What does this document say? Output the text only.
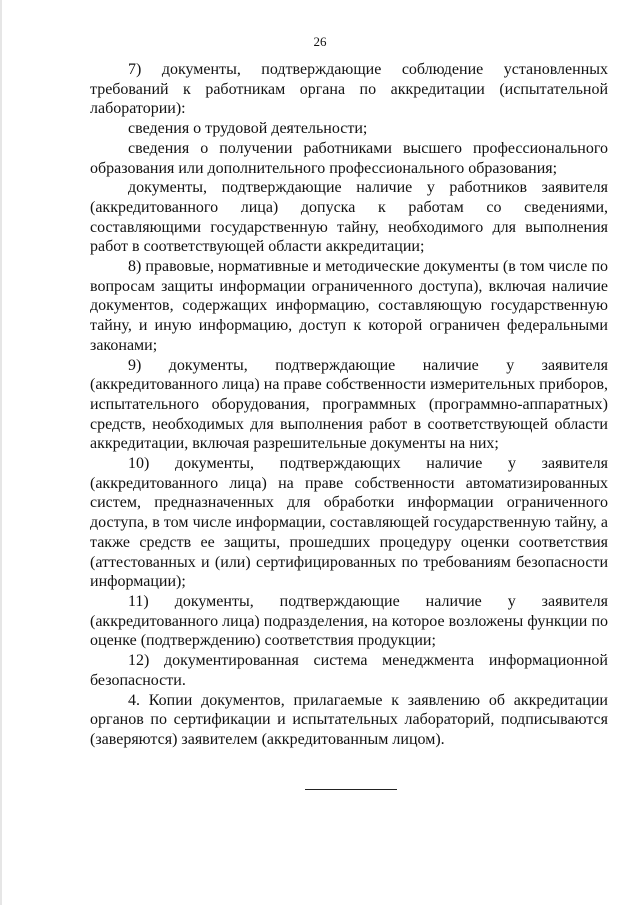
26

7) документы, подтверждающие соблюдение установленных требований к работникам органа по аккредитации (испытательной лаборатории):

сведения о трудовой деятельности;

сведения о получении работниками высшего профессионального образования или дополнительного профессионального образования;

документы, подтверждающие наличие у работников заявителя (аккредитованного лица) допуска к работам со сведениями, составляющими государственную тайну, необходимого для выполнения работ в соответствующей области аккредитации;

8) правовые, нормативные и методические документы (в том числе по вопросам защиты информации ограниченного доступа), включая наличие документов, содержащих информацию, составляющую государственную тайну, и иную информацию, доступ к которой ограничен федеральными законами;

9) документы, подтверждающие наличие у заявителя (аккредитованного лица) на праве собственности измерительных приборов, испытательного оборудования, программных (программно-аппаратных) средств, необходимых для выполнения работ в соответствующей области аккредитации, включая разрешительные документы на них;

10) документы, подтверждающих наличие у заявителя (аккредитованного лица) на праве собственности автоматизированных систем, предназначенных для обработки информации ограниченного доступа, в том числе информации, составляющей государственную тайну, а также средств ее защиты, прошедших процедуру оценки соответствия (аттестованных и (или) сертифицированных по требованиям безопасности информации);

11) документы, подтверждающие наличие у заявителя (аккредитованного лица) подразделения, на которое возложены функции по оценке (подтверждению) соответствия продукции;

12) документированная система менеджмента информационной безопасности.

4. Копии документов, прилагаемые к заявлению об аккредитации органов по сертификации и испытательных лабораторий, подписываются (заверяются) заявителем (аккредитованным лицом).
